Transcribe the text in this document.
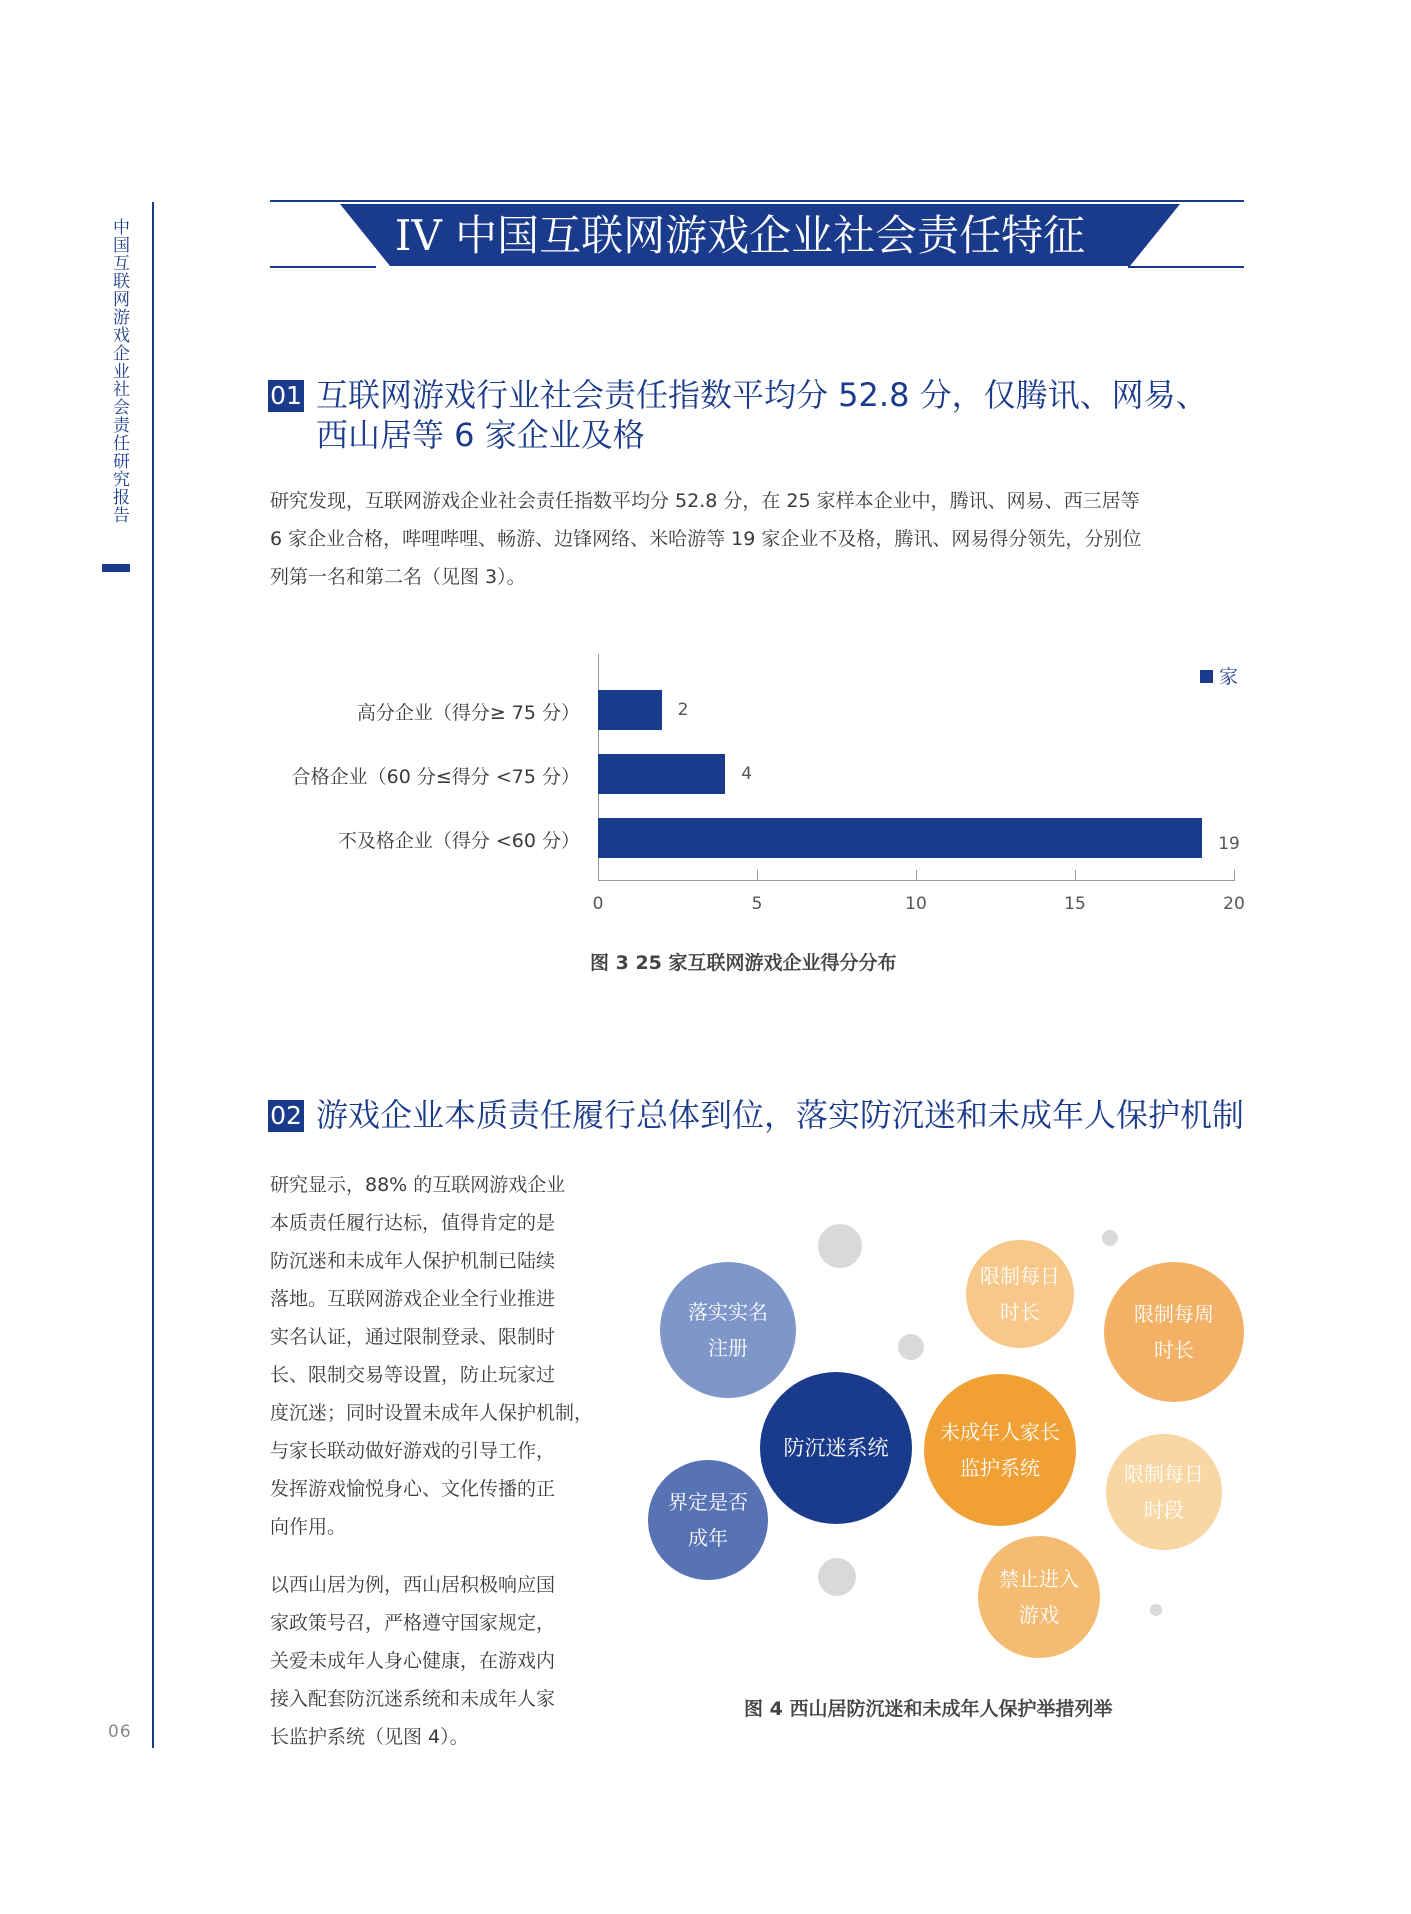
中国互联网游戏企业社会责任研究报告
06
IV 中国互联网游戏企业社会责任特征
01 互联网游戏行业社会责任指数平均分 52.8 分，仅腾讯、网易、
西山居等 6 家企业及格
研究发现，互联网游戏企业社会责任指数平均分 52.8 分，在 25 家样本企业中，腾讯、网易、西三居等
6 家企业合格，哔哩哔哩、畅游、边锋网络、米哈游等 19 家企业不及格，腾讯、网易得分领先，分别位
列第一名和第二名（见图 3）。
家
高分企业（得分≥ 75 分）	2
合格企业（60 分≤得分 <75 分）	4
不及格企业（得分 <60 分）	19
0	5	10	15	20
图 3 25 家互联网游戏企业得分分布
02 游戏企业本质责任履行总体到位，落实防沉迷和未成年人保护机制
研究显示，88% 的互联网游戏企业
本质责任履行达标，值得肯定的是
防沉迷和未成年人保护机制已陆续
落地。互联网游戏企业全行业推进
实名认证，通过限制登录、限制时
长、限制交易等设置，防止玩家过
度沉迷；同时设置未成年人保护机制，
与家长联动做好游戏的引导工作，
发挥游戏愉悦身心、文化传播的正
向作用。
以西山居为例，西山居积极响应国
家政策号召，严格遵守国家规定，
关爱未成年人身心健康，在游戏内
接入配套防沉迷系统和未成年人家
长监护系统（见图 4）。
落实实名
注册
防沉迷系统
界定是否
成年
未成年人家长
监护系统
限制每日
时长	限制每周
时长
限制每日
时段
禁止进入
游戏
图 4 西山居防沉迷和未成年人保护举措列举
